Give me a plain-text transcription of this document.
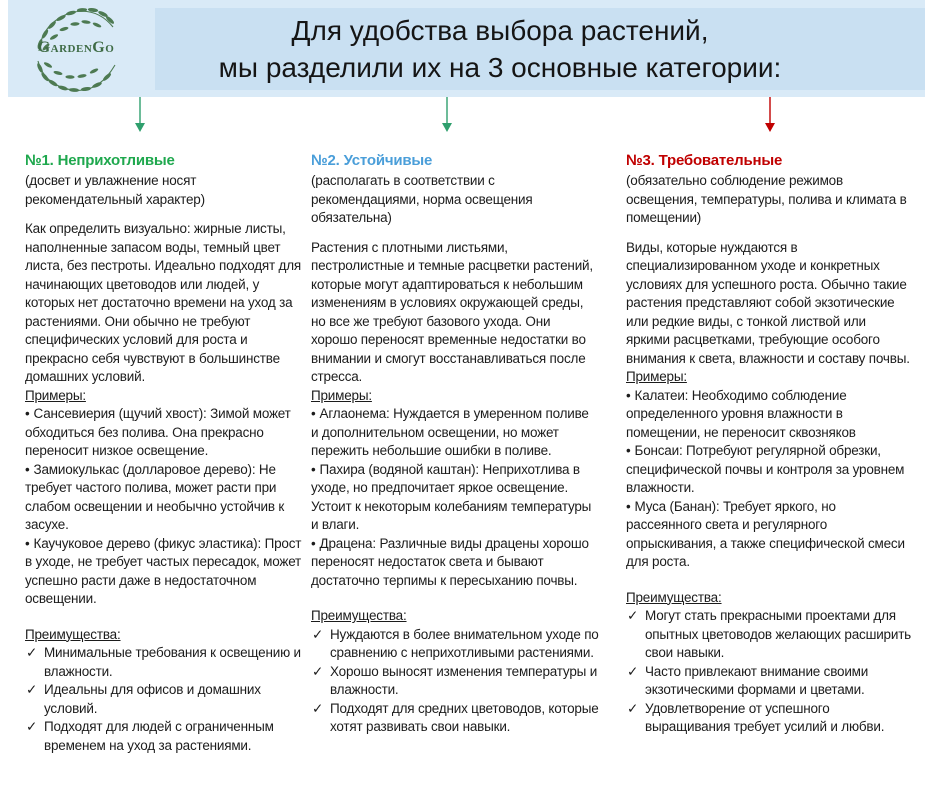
Для удобства выбора растений,
мы разделили их на 3 основные категории:
GardenGo
№1. Неприхотливые

(досвет и увлажнение носят рекомендательный характер)

Как определить визуально: жирные листы, наполненные запасом воды, темный цвет листа, без пестроты. Идеально подходят для начинающих цветоводов или людей, у которых нет достаточно времени на уход за растениями. Они обычно не требуют специфических условий для роста и прекрасно себя чувствуют в большинстве домашних условий.

Примеры:

• Сансевиерия (щучий хвост): Зимой может обходиться без полива. Она прекрасно переносит низкое освещение.
• Замиокулькас (долларовое дерево): Не требует частого полива, может расти при слабом освещении и необычно устойчив к засухе.
• Каучуковое дерево (фикус эластика): Прост в уходе, не требует частых пересадок, может успешно расти даже в недостаточном освещении.

Преимущества:

✓ Минимальные требования к освещению и влажности.
✓ Идеальны для офисов и домашних условий.
✓ Подходят для людей с ограниченным временем на уход за растениями.
№2. Устойчивые

(располагать в соответствии с рекомендациями, норма освещения обязательна)

Растения с плотными листьями, пестролистные и темные расцветки растений, которые могут адаптироваться к небольшим изменениям в условиях окружающей среды, но все же требуют базового ухода. Они хорошо переносят временные недостатки во внимании и смогут восстанавливаться после стресса.

Примеры:

• Аглаонема: Нуждается в умеренном поливе и дополнительном освещении, но может пережить небольшие ошибки в поливе.
• Пахира (водяной каштан): Неприхотлива в уходе, но предпочитает яркое освещение. Устоит к некоторым колебаниям температуры и влаги.
• Драцена: Различные виды драцены хорошо переносят недостаток света и бывают достаточно терпимы к пересыханию почвы.

Преимущества:

✓ Нуждаются в более внимательном уходе по сравнению с неприхотливыми растениями.
✓ Хорошо выносят изменения температуры и влажности.
✓ Подходят для средних цветоводов, которые хотят развивать свои навыки.
№3. Требовательные

(обязательно соблюдение режимов освещения, температуры, полива и климата в помещении)

Виды, которые нуждаются в специализированном уходе и конкретных условиях для успешного роста. Обычно такие растения представляют собой экзотические или редкие виды, с тонкой листвой или яркими расцветками, требующие особого внимания к света, влажности и составу почвы.

Примеры:

• Калатеи: Необходимо соблюдение определенного уровня влажности в помещении, не переносит сквозняков
• Бонсаи: Потребуют регулярной обрезки, специфической почвы и контроля за уровнем влажности.
• Муса (Банан): Требует яркого, но рассеянного света и регулярного опрыскивания, а также специфической смеси для роста.

Преимущества:

✓ Могут стать прекрасными проектами для опытных цветоводов желающих расширить свои навыки.
✓ Часто привлекают внимание своими экзотическими формами и цветами.
✓ Удовлетворение от успешного выращивания требует усилий и любви.
